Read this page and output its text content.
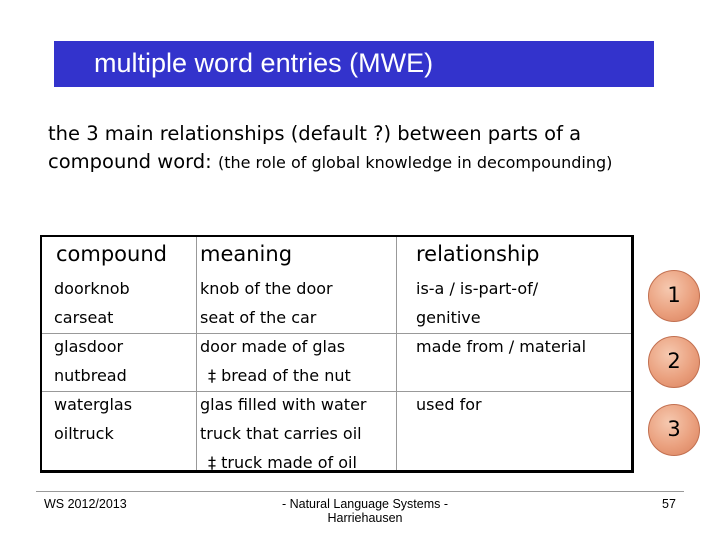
multiple word entries (MWE)
the 3 main relationships (default ?) between parts of a
compound word: (the role of global knowledge in decompounding)
compound meaning	relationship
doorknob
carseat
glasdoor
nutbread
waterglas
oiltruck
knob of the door
seat of the car
door made of glas
‡ bread of the nut
glas filled with water
truck that carries oil
‡ truck made of oil
is-a / is-part-of/
genitive
made from / material
used for
1
2
3
WS 2012/2013	- Natural Language Systems -
Harriehausen
57
